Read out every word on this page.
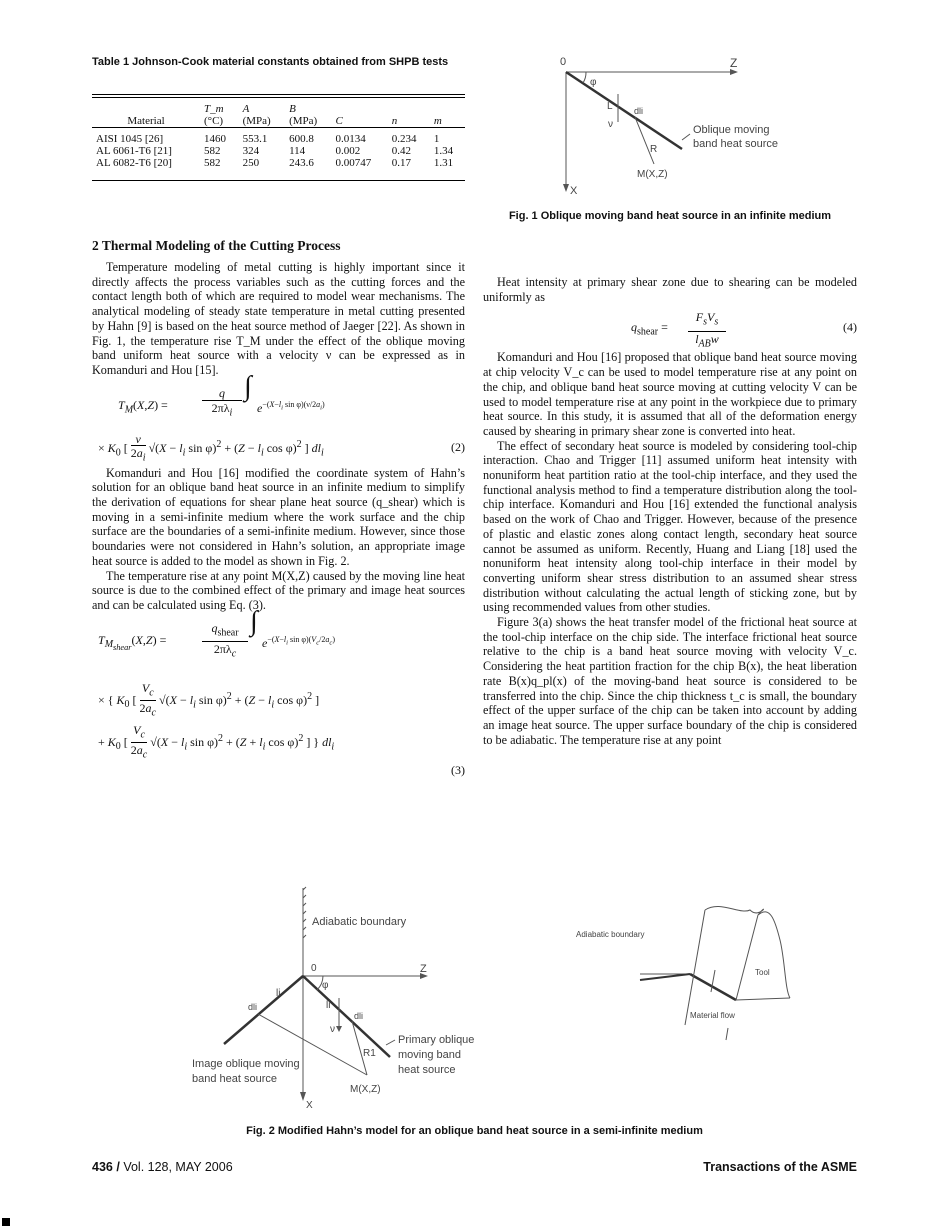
Table 1 Johnson-Cook material constants obtained from SHPB tests
	T_m	A	B			
Material	(°C)	(MPa)	(MPa)	C	n	m
AISI 1045 [26]	1460	553.1	600.8	0.0134	0.234	1
AL 6061-T6 [21]	582	324	114	0.002	0.42	1.34
AL 6082-T6 [20]	582	250	243.6	0.00747	0.17	1.31
0	Z
X
φ
L
ν
dli
R
M(X,Z)
Oblique moving
band heat source
Fig. 1 Oblique moving band heat source in an infinite medium
2 Thermal Modeling of the Cutting Process

Temperature modeling of metal cutting is highly important since it directly affects the process variables such as the cutting forces and the contact length both of which are required to model wear mechanisms. The analytical modeling of steady state temperature in metal cutting presented by Hahn [9] is based on the heat source method of Jaeger [22]. As shown in Fig. 1, the temperature rise T_M under the effect of the oblique moving band uniform heat source with a velocity ν can be expressed as in Komanduri and Hou [15].

$T_M(X,Z)$ =
q
$2\pi\lambda_i$
∫
$e^{-(X-l_i sin \varphi)(\nu/2a_i)}$
× $K_0$ [ $\frac{\nu}{2a_i} √(X - l_i$ $\sin \varphi)^2 + (Z - l_i$ cos φ)$^2$ ] $dl_i$	(2)

Komanduri and Hou [16] modified the coordinate system of Hahn’s solution for an oblique band heat source in an infinite medium to simplify the derivation of equations for shear plane heat source (q_shear) which is moving in a semi-infinite medium where the work surface and the chip surface are the boundaries of a semi-infinite medium. However, since those boundaries were not considered in Hahn’s solution, an appropriate image heat source is added to the model as shown in Fig. 2.

The temperature rise at any point M(X,Z) caused by the moving line heat source is due to the combined effect of the primary and image heat sources and can be calculated using Eq. (3).

$T_{M_{shear}}(X,Z)$ =
$q_{shear}$
$2\pi\lambda_c$
∫
$e^{-(X-l_i sin \varphi)(V_c/2a_c)}$
× { $K_0$ [ $\frac{V_c}{2a_c} √(X - l_i$ $\sin \varphi)^2 + (Z - l_i$ cos φ)$^2$ ]
+ $K_0$ [ $\frac{V_c}{2a_c} √(X - l_i$ $\sin \varphi)^2 + (Z + l_i$ cos φ)$^2$ ] } $dl_i$
(3)

Heat intensity at primary shear zone due to shearing can be modeled uniformly as

$q_{shear}$ =
$F_sV_s$
$l_{AB}w$
(4)

Komanduri and Hou [16] proposed that oblique band heat source moving at chip velocity V_c can be used to model temperature rise at any point on the chip, and oblique band heat source moving at cutting velocity V can be used to model temperature rise at any point in the workpiece due to primary heat source. In this study, it is assumed that all of the deformation energy caused by shearing in primary shear zone is converted into heat.

The effect of secondary heat source is modeled by considering tool-chip interaction. Chao and Trigger [11] assumed uniform heat intensity with nonuniform heat partition ratio at the tool-chip interface, and they used the functional analysis method to find a temperature distribution along the tool-chip interface. Komanduri and Hou [16] extended the functional analysis based on the work of Chao and Trigger. However, because of the presence of plastic and elastic zones along contact length, secondary heat source cannot be assumed as uniform. Recently, Huang and Liang [18] used the nonuniform heat intensity along tool-chip interface in their model by converting uniform shear stress distribution to an assumed shear stress distribution without calculating the actual length of sticking zone, but by using recommended values from other studies.

Figure 3(a) shows the heat transfer model of the frictional heat source at the tool-chip interface on the chip side. The interface frictional heat source relative to the chip is a band heat source moving with velocity V_c. Considering the heat partition fraction for the chip B(x), the heat liberation rate B(x)q_pl(x) of the moving-band heat source is considered to be transferred into the chip. Since the chip thickness t_c is small, the boundary effect of the upper surface of the chip can be taken into account by adding an image heat source. The upper surface boundary of the chip is considered to be adiabatic. The temperature rise at any point

Adiabatic boundary
0	Z
X
φ
li
li
dli
dli
ν
R1
M(X,Z)
Image oblique moving
band heat source
Primary oblique
moving band
heat source
Adiabatic boundary
Tool
Material flow
Fig. 2 Modified Hahn’s model for an oblique band heat source in a semi-infinite medium
436 / Vol. 128, MAY 2006	Transactions of the ASME
